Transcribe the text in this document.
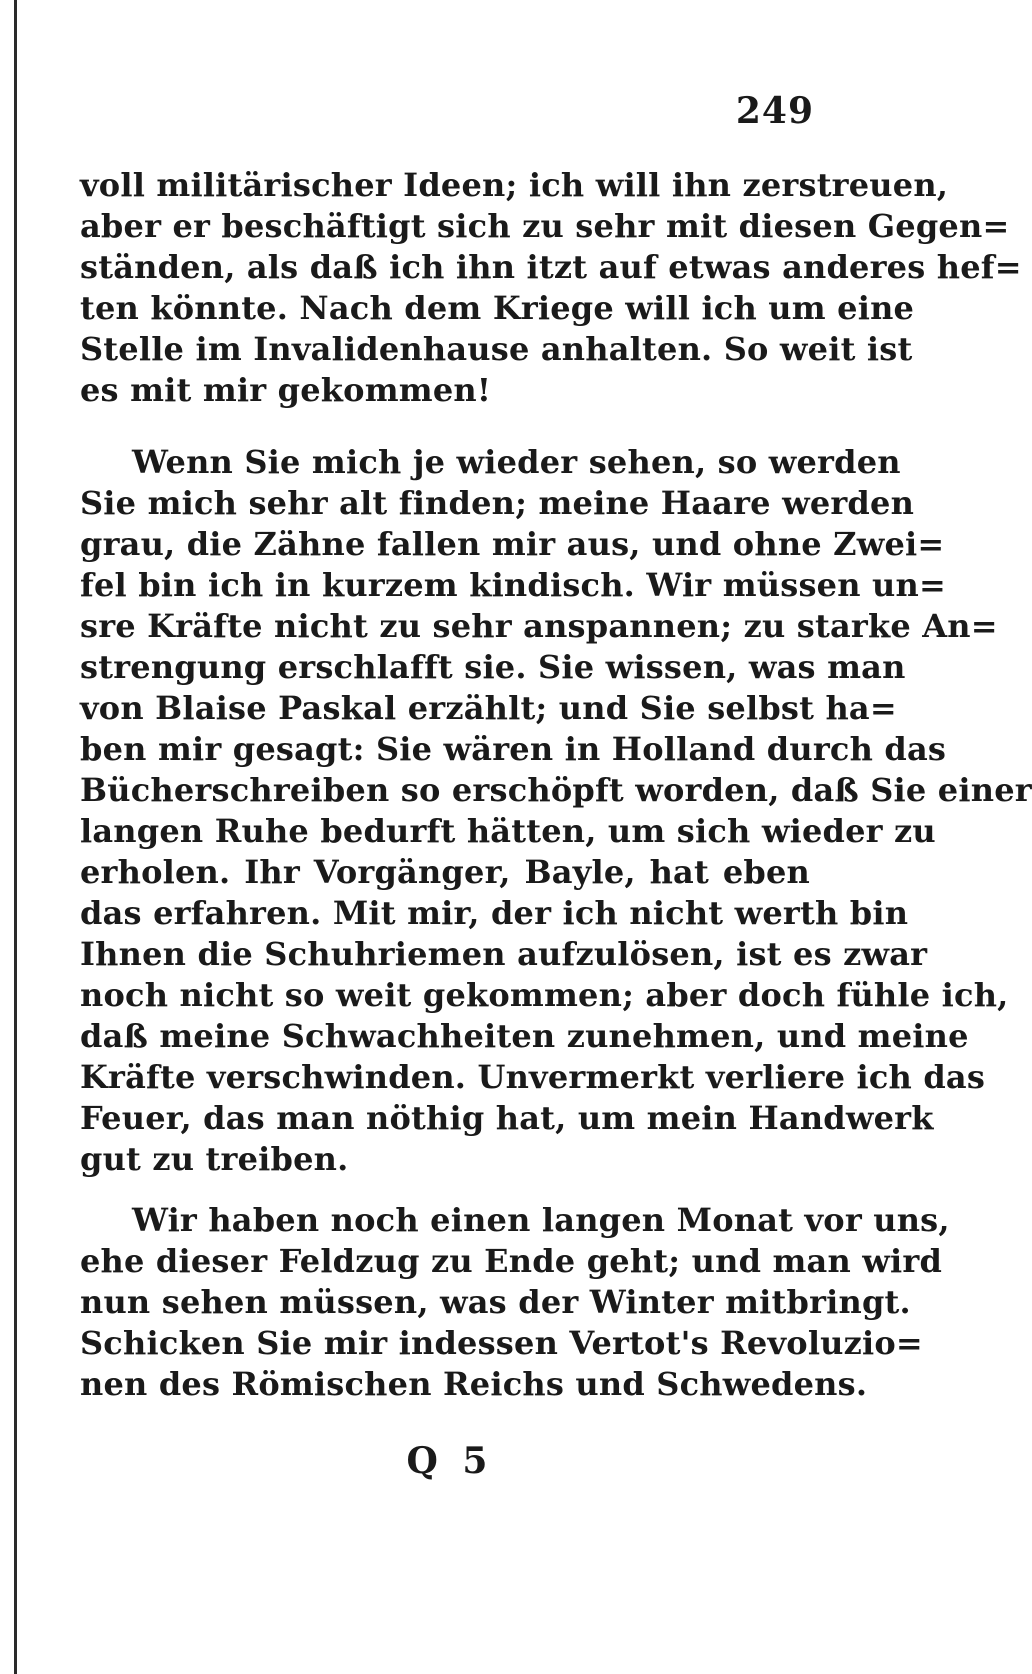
249
voll militärischer Ideen; ich will ihn zerstreuen,
aber er beschäftigt sich zu sehr mit diesen Gegen=
ständen, als daß ich ihn itzt auf etwas anderes hef=
ten könnte. Nach dem Kriege will ich um eine
Stelle im Invalidenhause anhalten. So weit ist
es mit mir gekommen!
Wenn Sie mich je wieder sehen, so werden
Sie mich sehr alt finden; meine Haare werden
grau, die Zähne fallen mir aus, und ohne Zwei=
fel bin ich in kurzem kindisch. Wir müssen un=
sre Kräfte nicht zu sehr anspannen; zu starke An=
strengung erschlafft sie. Sie wissen, was man
von Blaise Paskal erzählt; und Sie selbst ha=
ben mir gesagt: Sie wären in Holland durch das
Bücherschreiben so erschöpft worden, daß Sie einer
langen Ruhe bedurft hätten, um sich wieder zu
erholen. Ihr Vorgänger, Bayle, hat eben
das erfahren. Mit mir, der ich nicht werth bin
Ihnen die Schuhriemen aufzulösen, ist es zwar
noch nicht so weit gekommen; aber doch fühle ich,
daß meine Schwachheiten zunehmen, und meine
Kräfte verschwinden. Unvermerkt verliere ich das
Feuer, das man nöthig hat, um mein Handwerk
gut zu treiben.
Wir haben noch einen langen Monat vor uns,
ehe dieser Feldzug zu Ende geht; und man wird
nun sehen müssen, was der Winter mitbringt.
Schicken Sie mir indessen Vertot's Revoluzio=
nen des Römischen Reichs und Schwedens.
Q 5
